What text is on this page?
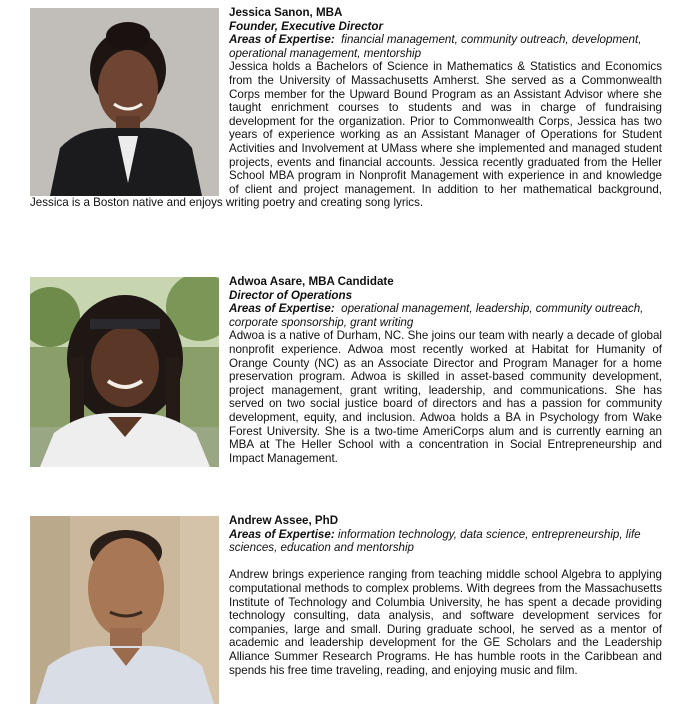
Jessica Sanon, MBA

Founder, Executive Director

Areas of Expertise: financial management, community outreach, development, operational management, mentorship

Jessica holds a Bachelors of Science in Mathematics & Statistics and Economics from the University of Massachusetts Amherst. She served as a Commonwealth Corps member for the Upward Bound Program as an Assistant Advisor where she taught enrichment courses to students and was in charge of fundraising development for the organization. Prior to Commonwealth Corps, Jessica has two years of experience working as an Assistant Manager of Operations for Student Activities and Involvement at UMass where she implemented and managed student projects, events and financial accounts. Jessica recently graduated from the Heller School MBA program in Nonprofit Management with experience in and knowledge of client and project management. In addition to her mathematical background, Jessica is a Boston native and enjoys writing poetry and creating song lyrics.

Adwoa Asare, MBA Candidate

Director of Operations

Areas of Expertise: operational management, leadership, community outreach, corporate sponsorship, grant writing

Adwoa is a native of Durham, NC. She joins our team with nearly a decade of global nonprofit experience. Adwoa most recently worked at Habitat for Humanity of Orange County (NC) as an Associate Director and Program Manager for a home preservation program. Adwoa is skilled in asset-based community development, project management, grant writing, leadership, and communications. She has served on two social justice board of directors and has a passion for community development, equity, and inclusion. Adwoa holds a BA in Psychology from Wake Forest University. She is a two-time AmeriCorps alum and is currently earning an MBA at The Heller School with a concentration in Social Entrepreneurship and Impact Management.

Andrew Assee, PhD

Areas of Expertise: information technology, data science, entrepreneurship, life sciences, education and mentorship

Andrew brings experience ranging from teaching middle school Algebra to applying computational methods to complex problems. With degrees from the Massachusetts Institute of Technology and Columbia University, he has spent a decade providing technology consulting, data analysis, and software development services for companies, large and small. During graduate school, he served as a mentor of academic and leadership development for the GE Scholars and the Leadership Alliance Summer Research Programs. He has humble roots in the Caribbean and spends his free time traveling, reading, and enjoying music and film.
